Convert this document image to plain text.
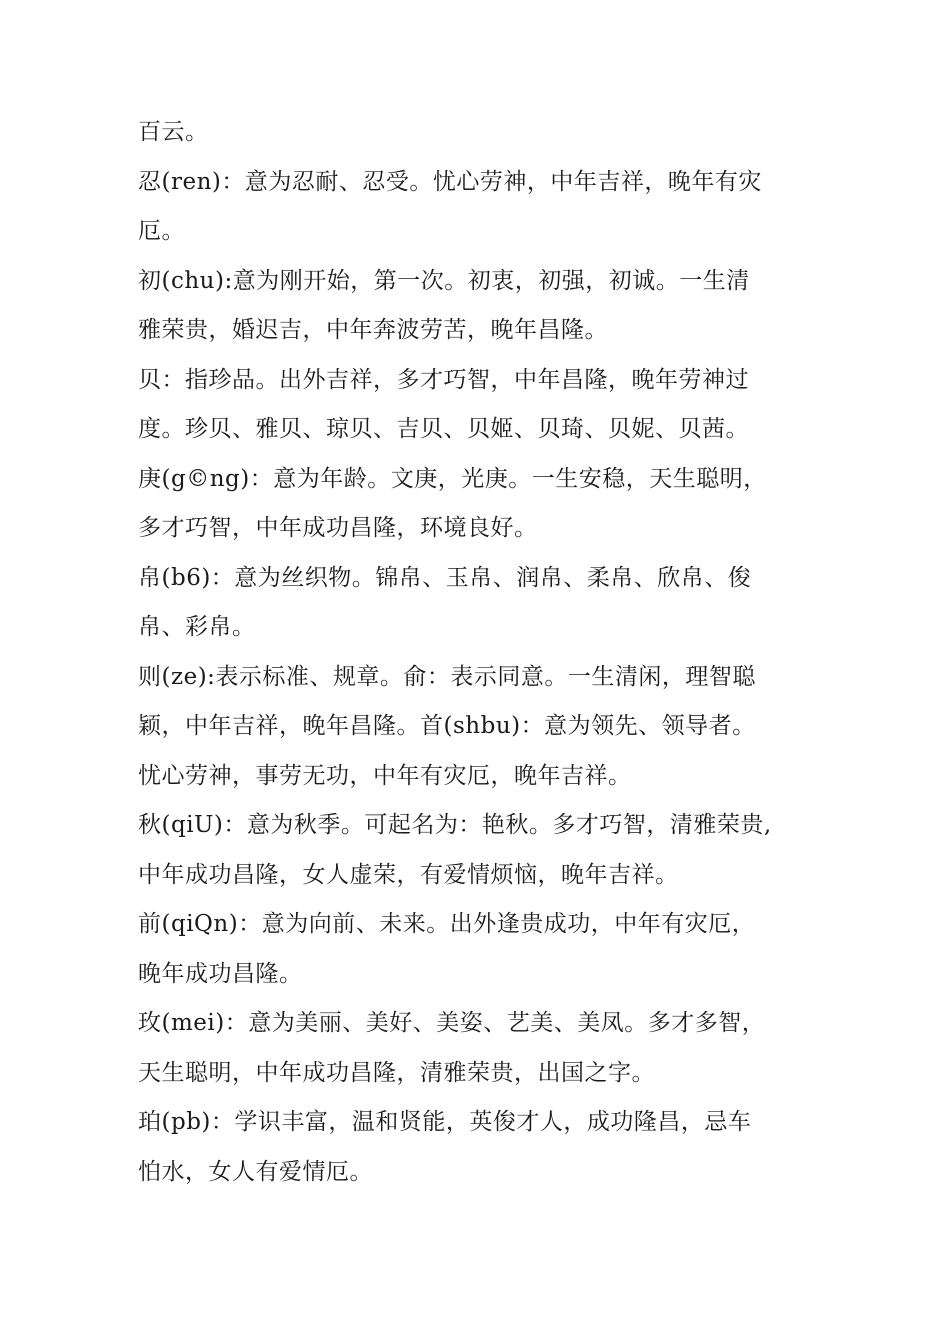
百云。
忍(ren)：意为忍耐、忍受。忧心劳神，中年吉祥，晚年有灾
厄。
初(chu):意为刚开始，第一次。初衷，初强，初诚。一生清
雅荣贵，婚迟吉，中年奔波劳苦，晚年昌隆。
贝：指珍品。出外吉祥，多才巧智，中年昌隆，晚年劳神过
度。珍贝、雅贝、琼贝、吉贝、贝姬、贝琦、贝妮、贝茜。
庚(g©ng)：意为年龄。文庚，光庚。一生安稳，天生聪明，
多才巧智，中年成功昌隆，环境良好。
帛(b6)：意为丝织物。锦帛、玉帛、润帛、柔帛、欣帛、俊
帛、彩帛。
则(ze):表示标准、规章。俞：表示同意。一生清闲，理智聪
颖，中年吉祥，晚年昌隆。首(shbu)：意为领先、领导者。
忧心劳神，事劳无功，中年有灾厄，晚年吉祥。
秋(qiU)：意为秋季。可起名为：艳秋。多才巧智，清雅荣贵,
中年成功昌隆，女人虚荣，有爱情烦恼，晚年吉祥。
前(qiQn)：意为向前、未来。出外逢贵成功，中年有灾厄，
晚年成功昌隆。
玫(mei)：意为美丽、美好、美姿、艺美、美凤。多才多智，
天生聪明，中年成功昌隆，清雅荣贵，出国之字。
珀(pb)：学识丰富，温和贤能，英俊才人，成功隆昌，忌车
怕水，女人有爱情厄。
